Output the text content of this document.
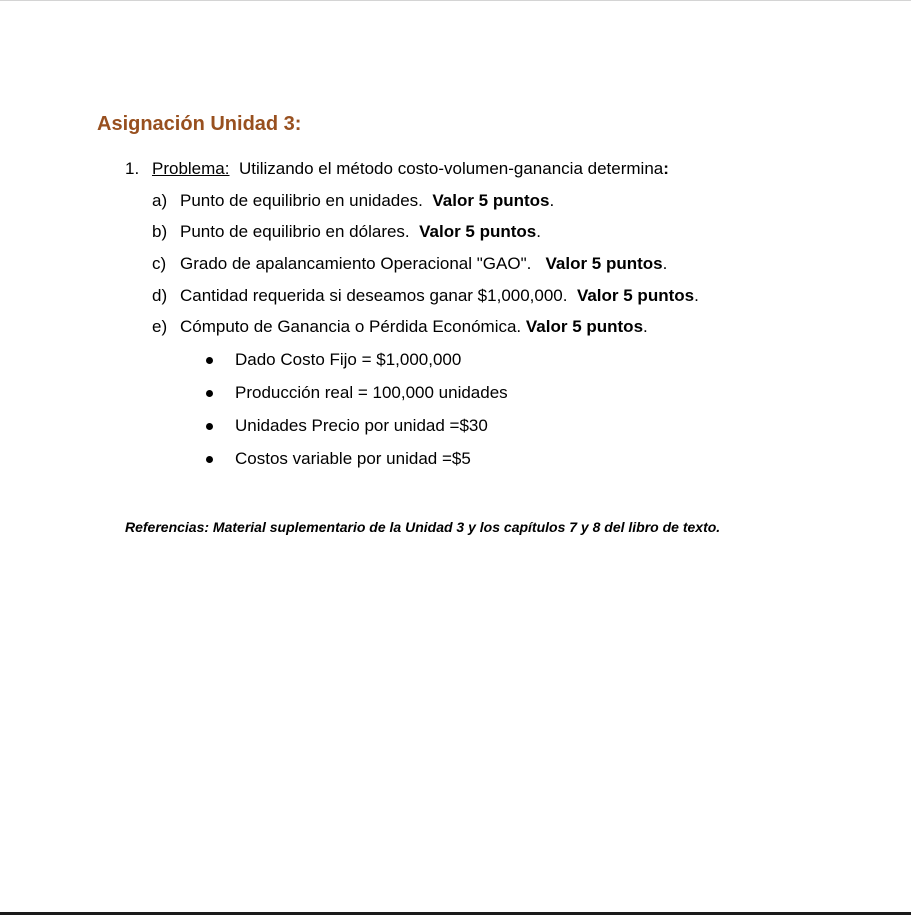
Asignación Unidad 3:
1. Problema: Utilizando el método costo-volumen-ganancia determina:
a) Punto de equilibrio en unidades. Valor 5 puntos.
b) Punto de equilibrio en dólares. Valor 5 puntos.
c) Grado de apalancamiento Operacional "GAO". Valor 5 puntos.
d) Cantidad requerida si deseamos ganar $1,000,000. Valor 5 puntos.
e) Cómputo de Ganancia o Pérdida Económica. Valor 5 puntos.
Dado Costo Fijo = $1,000,000
Producción real = 100,000 unidades
Unidades Precio por unidad =$30
Costos variable por unidad =$5
Referencias: Material suplementario de la Unidad 3 y los capítulos 7 y 8 del libro de texto.
